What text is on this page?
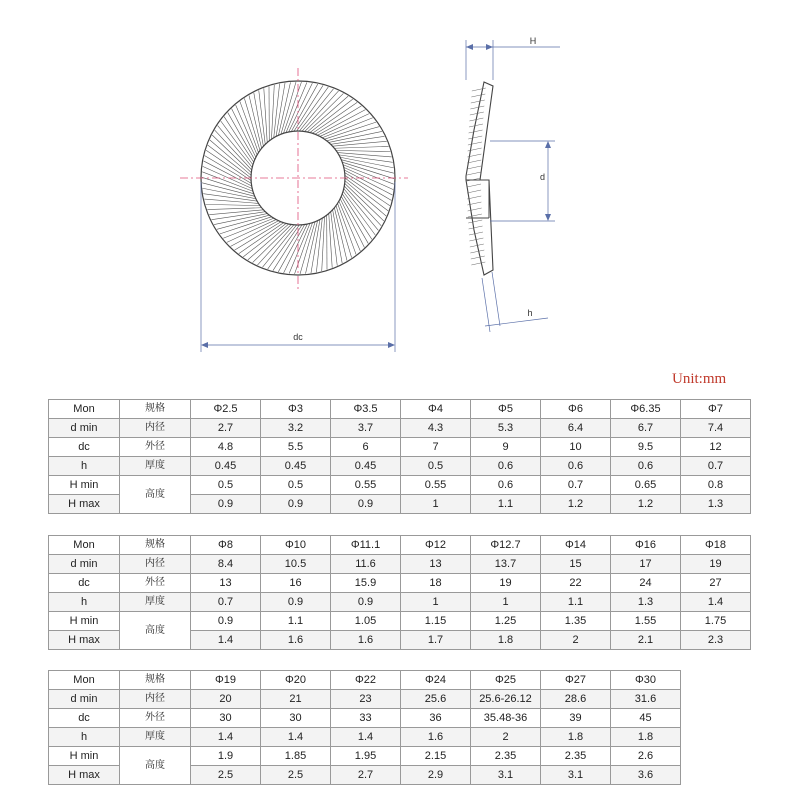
dc
H
d
h
Unit:mm
Mon	规格	Φ2.5	Φ3	Φ3.5	Φ4	Φ5	Φ6	Φ6.35	Φ7
d min	内径	2.7	3.2	3.7	4.3	5.3	6.4	6.7	7.4
dc	外径	4.8	5.5	6	7	9	10	9.5	12
h	厚度	0.45	0.45	0.45	0.5	0.6	0.6	0.6	0.7
H min	高度	0.5	0.5	0.55	0.55	0.6	0.7	0.65	0.8
H max		0.9	0.9	0.9	1	1.1	1.2	1.2	1.3
Mon	规格	Φ8	Φ10	Φ11.1	Φ12	Φ12.7	Φ14	Φ16	Φ18
d min	内径	8.4	10.5	11.6	13	13.7	15	17	19
dc	外径	13	16	15.9	18	19	22	24	27
h	厚度	0.7	0.9	0.9	1	1	1.1	1.3	1.4
H min	高度	0.9	1.1	1.05	1.15	1.25	1.35	1.55	1.75
H max		1.4	1.6	1.6	1.7	1.8	2	2.1	2.3
Mon	规格	Φ19	Φ20	Φ22	Φ24	Φ25	Φ27	Φ30
d min	内径	20	21	23	25.6	25.6-26.12	28.6	31.6
dc	外径	30	30	33	36	35.48-36	39	45
h	厚度	1.4	1.4	1.4	1.6	2	1.8	1.8
H min	高度	1.9	1.85	1.95	2.15	2.35	2.35	2.6
H max		2.5	2.5	2.7	2.9	3.1	3.1	3.6
